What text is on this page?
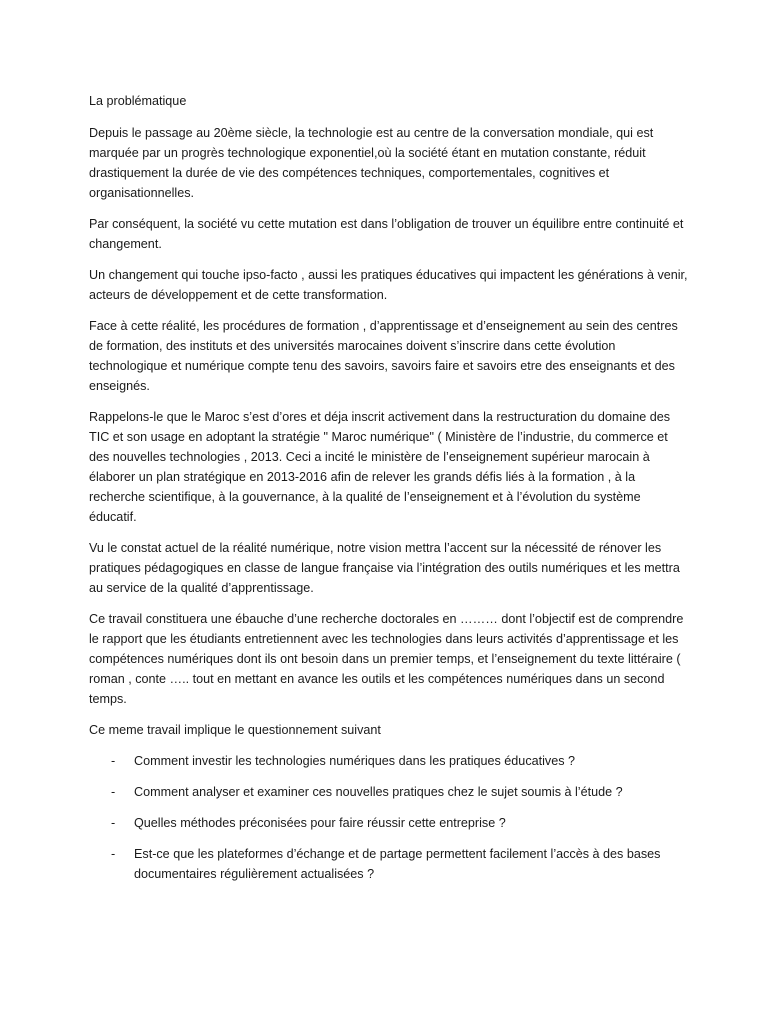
La problématique

Depuis le passage au 20ème siècle, la technologie est au centre de la conversation mondiale, qui est marquée par un progrès technologique exponentiel,où la société étant en mutation constante, réduit drastiquement la durée de vie des compétences techniques, comportementales, cognitives et organisationnelles.

Par conséquent, la société vu cette mutation est dans l’obligation de trouver un équilibre entre continuité et changement.

Un changement qui touche ipso-facto , aussi les pratiques éducatives qui impactent les générations à venir, acteurs de développement et de cette transformation.

Face à cette réalité, les procédures de formation , d’apprentissage et d’enseignement au sein des centres de formation, des instituts et des universités marocaines doivent s’inscrire dans cette évolution technologique et numérique compte tenu des savoirs, savoirs faire et savoirs etre des enseignants et des enseignés.

Rappelons-le que le Maroc s’est d’ores et déja inscrit activement dans la restructuration du domaine des TIC et son usage en adoptant la stratégie " Maroc numérique" ( Ministère de l’industrie, du commerce et des nouvelles technologies , 2013. Ceci a incité le ministère de l’enseignement supérieur marocain à élaborer un plan stratégique en 2013-2016 afin de relever les grands défis liés à la formation , à la recherche scientifique, à la gouvernance, à la qualité de l’enseignement et à l’évolution du système éducatif.

Vu le constat actuel de la réalité numérique, notre vision mettra l’accent sur la nécessité de rénover les pratiques pédagogiques en classe de langue française via l’intégration des outils numériques et les mettra au service de la qualité d’apprentissage.

Ce travail constituera une ébauche d’une recherche doctorales en ……… dont l’objectif est de comprendre le rapport que les étudiants entretiennent avec les technologies dans leurs activités d’apprentissage et les compétences numériques dont ils ont besoin dans un premier temps, et l’enseignement du texte littéraire ( roman , conte ….. tout en mettant en avance les outils et les compétences numériques dans un second temps.

Ce meme travail implique le questionnement suivant

- Comment investir les technologies numériques dans les pratiques éducatives ?
- Comment analyser et examiner ces nouvelles pratiques chez le sujet soumis à l’étude ?
- Quelles méthodes préconisées pour faire réussir cette entreprise ?
- Est-ce que les plateformes d’échange et de partage permettent facilement l’accès à des bases documentaires régulièrement actualisées ?
